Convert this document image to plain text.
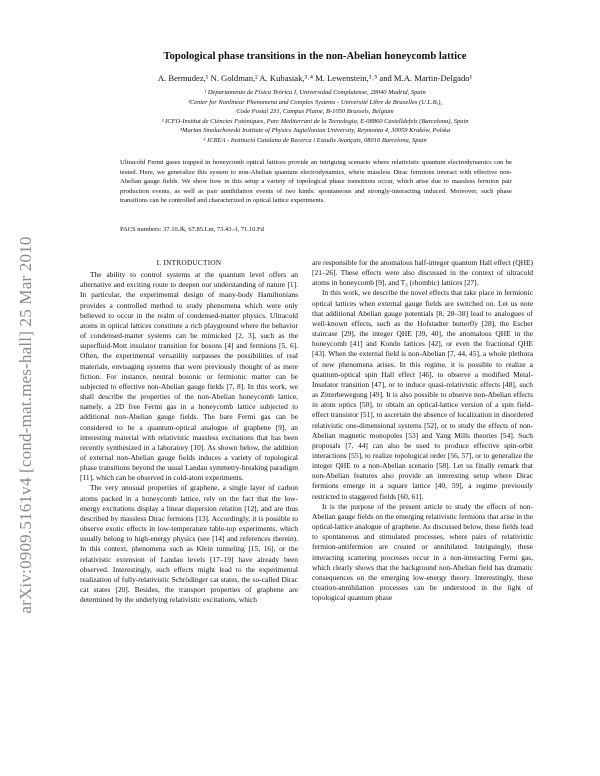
arXiv:0909.5161v4 [cond-mat.mes-hall] 25 Mar 2010
Topological phase transitions in the non-Abelian honeycomb lattice
A. Bermudez,¹ N. Goldman,² A. Kubasiak,³˒⁴ M. Lewenstein,³˒⁵ and M.A. Martin-Delgado¹
¹ Departamento de Física Teórica I, Universidad Complutense, 28040 Madrid, Spain
²Center for Nonlinear Phenomena and Complex Systems - Université Libre de Bruxelles (U.L.B.),
Code Postal 231, Campus Plaine, B-1050 Brussels, Belgium
³ ICFO-Institut de Ciències Fotòniques, Parc Mediterrani de la Tecnologia, E-08860 Castelldefels (Barcelona), Spain
⁴Marian Smoluchowski Institute of Physics Jagiellonian University, Reymonta 4, 30059 Kraków, Polska
⁵ ICREA - Institució Catalana de Recerca i Estudis Avançats, 08010 Barcelona, Spain
Ultracold Fermi gases trapped in honeycomb optical lattices provide an intriguing scenario where relativistic quantum electrodynamics can be tested. Here, we generalize this system to non-Abelian quantum electrodynamics, where massless Dirac fermions interact with effective non-Abelian gauge fields. We show how in this setup a variety of topological phase transitions occur, which arise due to massless fermion pair production events, as well as pair annihilation events of two kinds: spontaneous and strongly-interacting induced. Moreover, such phase transitions can be controlled and characterized in optical lattice experiments.
PACS numbers: 37.10.Jk, 67.85.Lm, 73.43.-f, 71.10.Fd
I. INTRODUCTION

The ability to control systems at the quantum level offers an alternative and exciting route to deepen our understanding of nature [1]. In particular, the experimental design of many-body Hamiltonians provides a controlled method to study phenomena which were only believed to occur in the realm of condensed-matter physics. Ultracold atoms in optical lattices constitute a rich playground where the behavior of condensed-matter systems can be mimicked [2, 3], such as the superfluid-Mott insulator transition for bosons [4] and fermions [5, 6]. Often, the experimental versatility surpasses the possibilities of real materials, envisaging systems that were previously thought of as mere fiction. For instance, neutral bosonic or fermionic matter can be subjected to effective non-Abelian gauge fields [7, 8]. In this work, we shall describe the properties of the non-Abelian honeycomb lattice, namely, a 2D free Fermi gas in a honeycomb lattice subjected to additional non-Abelian gauge fields. The bare Fermi gas can be considered to be a quantum-optical analogue of graphene [9], an interesting material with relativistic massless excitations that has been recently synthesized in a laboratory [10]. As shown below, the addition of external non-Abelian gauge fields induces a variety of topological phase transitions beyond the usual Landau symmetry-breaking paradigm [11], which can be observed in cold-atom experiments.

The very unusual properties of graphene, a single layer of carbon atoms packed in a honeycomb lattice, rely on the fact that the low-energy excitations display a linear dispersion relation [12], and are thus described by massless Dirac fermions [13]. Accordingly, it is possible to observe exotic effects in low-temperature table-top experiments, which usually belong to high-energy physics (see [14] and references therein). In this context, phenomena such as Klein tunneling [15, 16], or the relativistic extension of Landau levels [17–19] have already been observed. Interestingly, such effects might lead to the experimental realization of fully-relativistic Schrödinger cat states, the so-called Dirac cat states [20]. Besides, the transport properties of graphene are determined by the underlying relativistic excitations, which

are responsible for the anomalous half-integer quantum Hall effect (QHE) [21–26]. These effects were also discussed in the context of ultracold atoms in honeycomb [9], and T₃ (rhombic) lattices [27].

In this work, we describe the novel effects that take place in fermionic optical lattices when external gauge fields are switched on. Let us note that additional Abelian gauge potentials [8, 28–38] lead to analogues of well-known effects, such as the Hofstadter butterfly [28], the Escher staircase [29], the integer QHE [39, 40], the anomalous QHE in the honeycomb [41] and Kondo lattices [42], or even the fractional QHE [43]. When the external field is non-Abelian [7, 44, 45], a whole plethora of new phenomena arises. In this regime, it is possible to realize a quantum-optical spin Hall effect [46], to observe a modified Metal-Insulator transition [47], or to induce quasi-relativistic effects [48], such as Zitterbewegung [49]. It is also possible to observe non-Abelian effects in atom optics [50], to obtain an optical-lattice version of a spin field-effect transistor [51], to ascertain the absence of localization in disordered relativistic one-dimensional systems [52], or to study the effects of non-Abelian magnetic monopoles [53] and Yang Mills theories [54]. Such proposals [7, 44] can also be used to produce effective spin-orbit interactions [55], to realize topological order [56, 57], or to generalize the integer QHE to a non-Abelian scenario [58]. Let us finally remark that non-Abelian features also provide an interesting setup where Dirac fermions emerge in a square lattice [40, 59], a regime previously restricted to staggered fields [60, 61].

It is the purpose of the present article to study the effects of non-Abelian gauge fields on the emerging relativistic fermions that arise in the optical-lattice analogue of graphene. As discussed below, these fields lead to spontaneous and stimulated processes, where pairs of relativistic fermion-antifermion are created or annihilated. Intriguingly, these interacting scattering processes occur in a non-interacting Fermi gas, which clearly shows that the background non-Abelian field has dramatic consequences on the emerging low-energy theory. Interestingly, these creation-annihilation processes can be understood in the light of topological quantum phase
